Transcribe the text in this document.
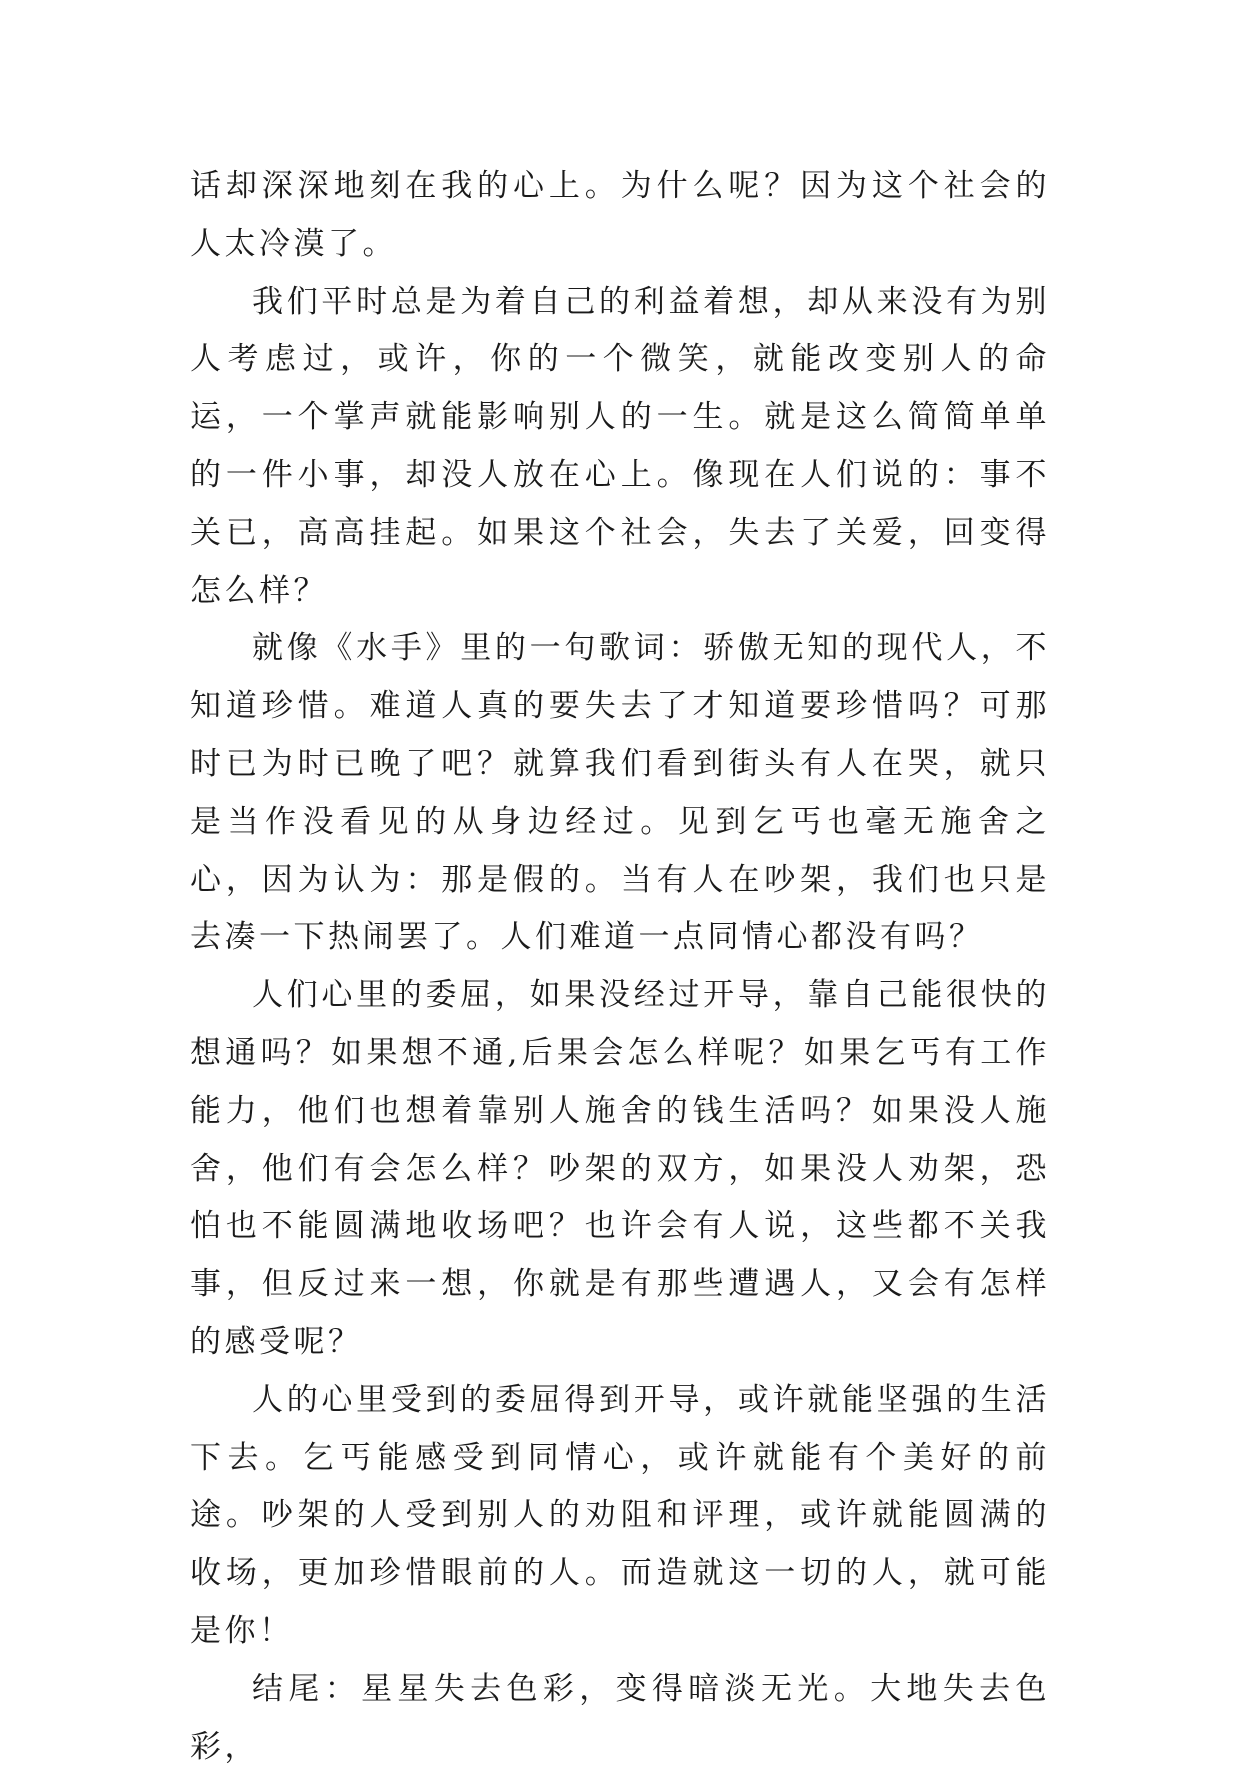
话却深深地刻在我的心上。为什么呢？因为这个社会的人太冷漠了。

我们平时总是为着自己的利益着想，却从来没有为别人考虑过，或许，你的一个微笑，就能改变别人的命运，一个掌声就能影响别人的一生。就是这么简简单单的一件小事，却没人放在心上。像现在人们说的：事不关已，高高挂起。如果这个社会，失去了关爱，回变得怎么样？

就像《水手》里的一句歌词：骄傲无知的现代人，不知道珍惜。难道人真的要失去了才知道要珍惜吗？可那时已为时已晚了吧？就算我们看到街头有人在哭，就只是当作没看见的从身边经过。见到乞丐也毫无施舍之心，因为认为：那是假的。当有人在吵架，我们也只是去凑一下热闹罢了。人们难道一点同情心都没有吗？

人们心里的委屈，如果没经过开导，靠自己能很快的想通吗？如果想不通,后果会怎么样呢？如果乞丐有工作能力，他们也想着靠别人施舍的钱生活吗？如果没人施舍，他们有会怎么样？吵架的双方，如果没人劝架，恐怕也不能圆满地收场吧？也许会有人说，这些都不关我事，但反过来一想，你就是有那些遭遇人，又会有怎样的感受呢？

人的心里受到的委屈得到开导，或许就能坚强的生活下去。乞丐能感受到同情心，或许就能有个美好的前途。吵架的人受到别人的劝阻和评理，或许就能圆满的收场，更加珍惜眼前的人。而造就这一切的人，就可能是你！

结尾：星星失去色彩，变得暗淡无光。大地失去色彩，
